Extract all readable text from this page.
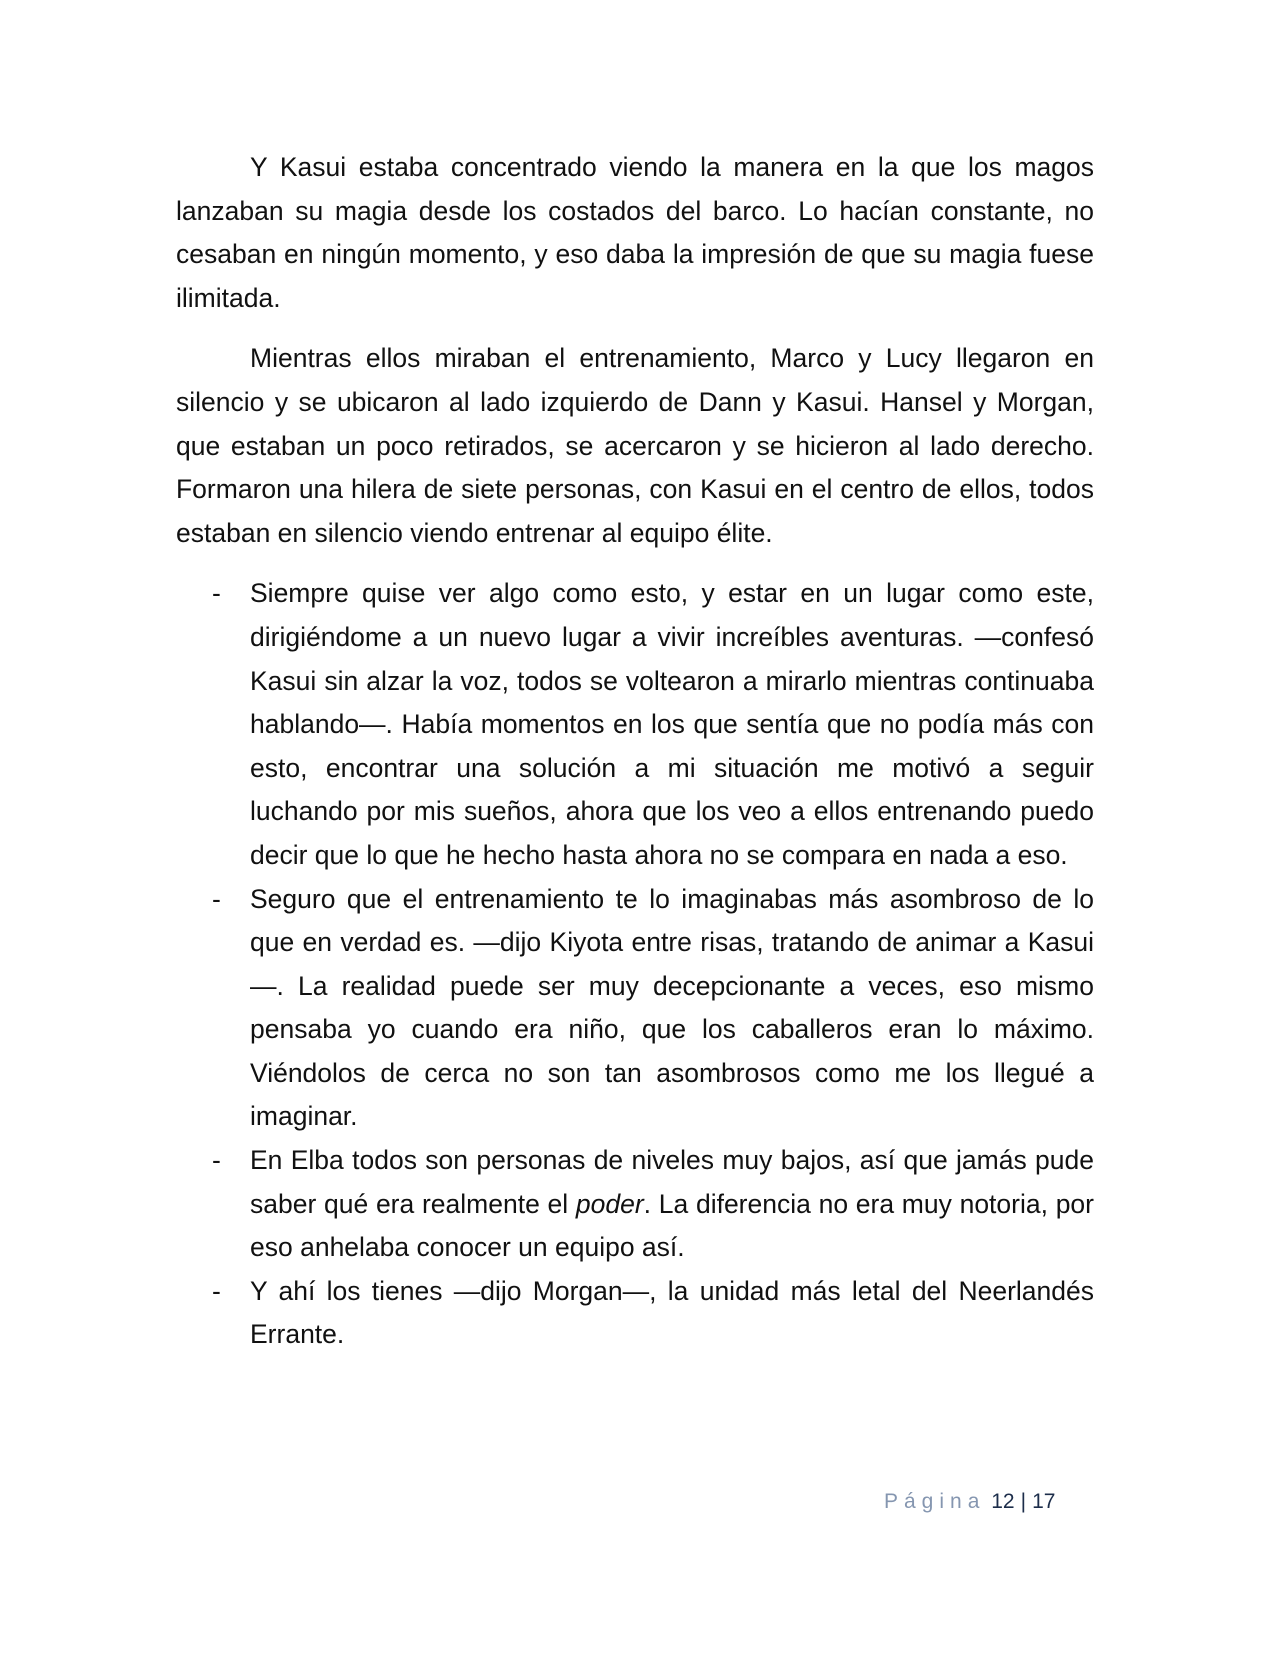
Y Kasui estaba concentrado viendo la manera en la que los magos lanzaban su magia desde los costados del barco. Lo hacían constante, no cesaban en ningún momento, y eso daba la impresión de que su magia fuese ilimitada.

Mientras ellos miraban el entrenamiento, Marco y Lucy llegaron en silencio y se ubicaron al lado izquierdo de Dann y Kasui. Hansel y Morgan, que estaban un poco retirados, se acercaron y se hicieron al lado derecho. Formaron una hilera de siete personas, con Kasui en el centro de ellos, todos estaban en silencio viendo entrenar al equipo élite.

- Siempre quise ver algo como esto, y estar en un lugar como este, dirigiéndome a un nuevo lugar a vivir increíbles aventuras. —confesó Kasui sin alzar la voz, todos se voltearon a mirarlo mientras continuaba hablando—. Había momentos en los que sentía que no podía más con esto, encontrar una solución a mi situación me motivó a seguir luchando por mis sueños, ahora que los veo a ellos entrenando puedo decir que lo que he hecho hasta ahora no se compara en nada a eso.
- Seguro que el entrenamiento te lo imaginabas más asombroso de lo que en verdad es. —dijo Kiyota entre risas, tratando de animar a Kasui—. La realidad puede ser muy decepcionante a veces, eso mismo pensaba yo cuando era niño, que los caballeros eran lo máximo. Viéndolos de cerca no son tan asombrosos como me los llegué a imaginar.
- En Elba todos son personas de niveles muy bajos, así que jamás pude saber qué era realmente el poder. La diferencia no era muy notoria, por eso anhelaba conocer un equipo así.
- Y ahí los tienes —dijo Morgan—, la unidad más letal del Neerlandés Errante.
Página 12 | 17
